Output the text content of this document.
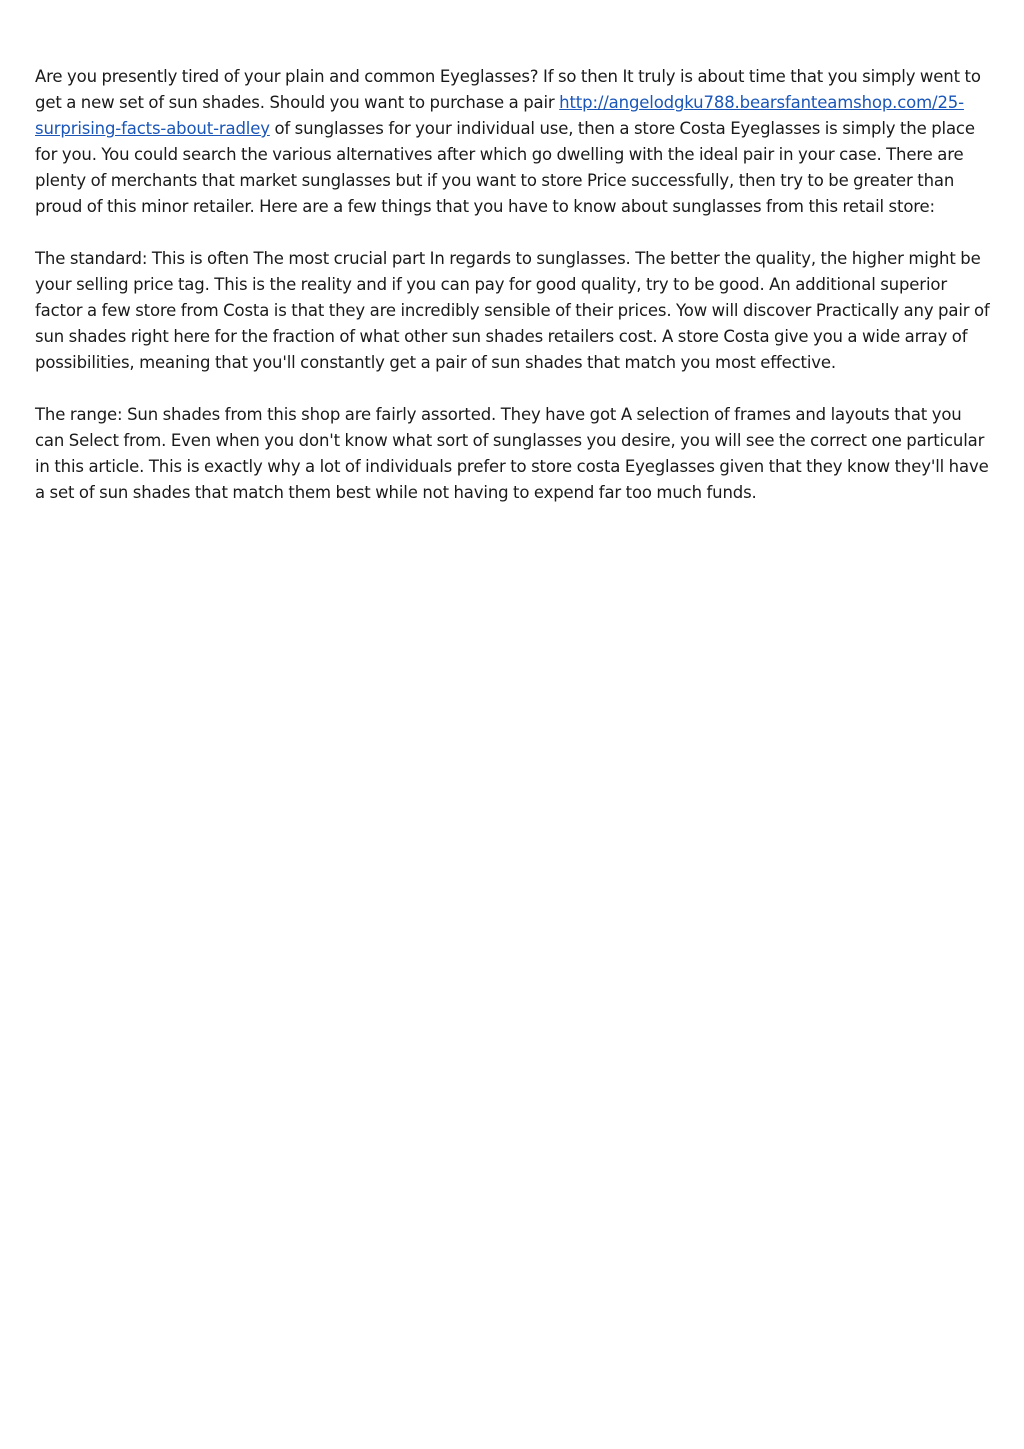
Are you presently tired of your plain and common Eyeglasses? If so then It truly is about time that you simply went to get a new set of sun shades. Should you want to purchase a pair http://angelodgku788.bearsfanteamshop.com/25-surprising-facts-about-radley of sunglasses for your individual use, then a store Costa Eyeglasses is simply the place for you. You could search the various alternatives after which go dwelling with the ideal pair in your case. There are plenty of merchants that market sunglasses but if you want to store Price successfully, then try to be greater than proud of this minor retailer. Here are a few things that you have to know about sunglasses from this retail store:

The standard: This is often The most crucial part In regards to sunglasses. The better the quality, the higher might be your selling price tag. This is the reality and if you can pay for good quality, try to be good. An additional superior factor a few store from Costa is that they are incredibly sensible of their prices. Yow will discover Practically any pair of sun shades right here for the fraction of what other sun shades retailers cost. A store Costa give you a wide array of possibilities, meaning that you'll constantly get a pair of sun shades that match you most effective.

The range: Sun shades from this shop are fairly assorted. They have got A selection of frames and layouts that you can Select from. Even when you don't know what sort of sunglasses you desire, you will see the correct one particular in this article. This is exactly why a lot of individuals prefer to store costa Eyeglasses given that they know they'll have a set of sun shades that match them best while not having to expend far too much funds.
